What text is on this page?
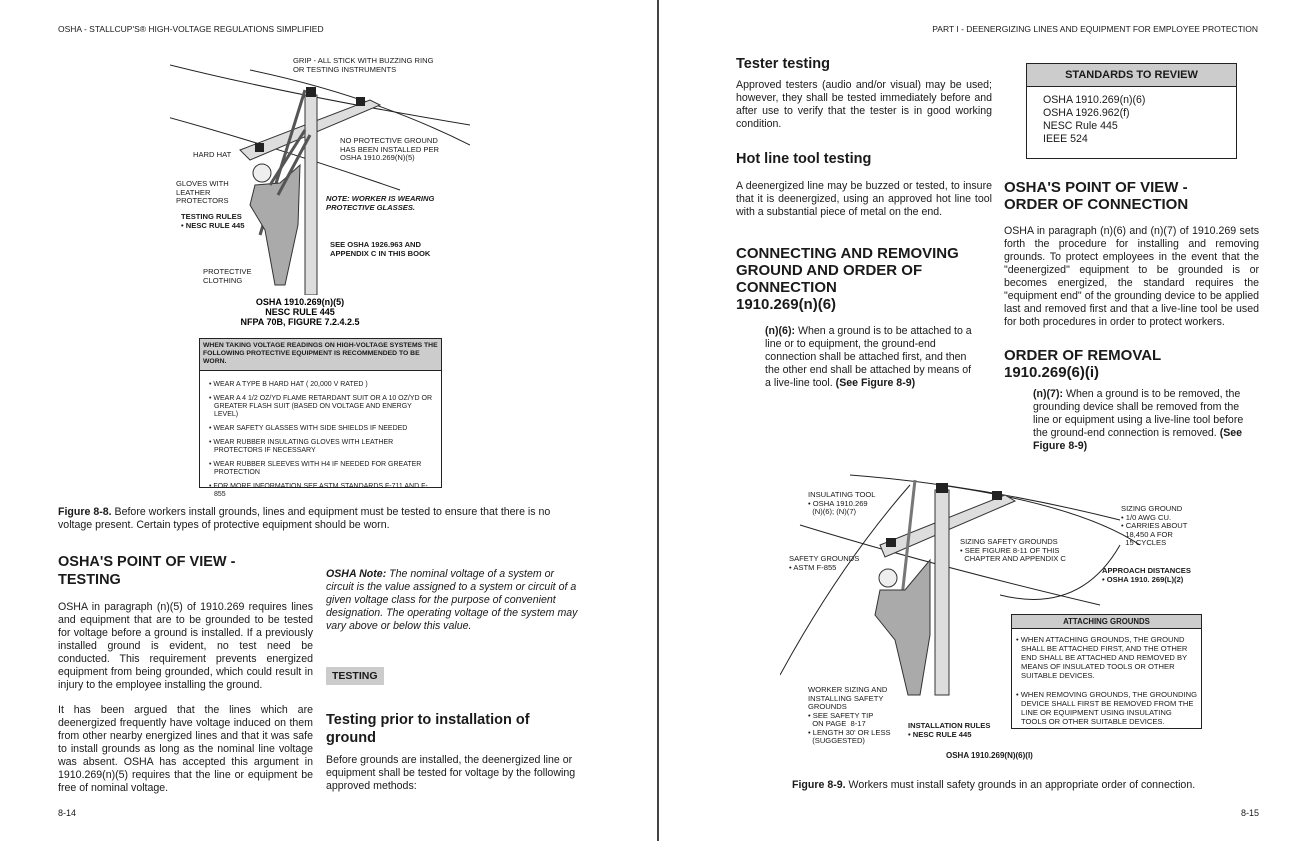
OSHA - STALLCUP'S® HIGH-VOLTAGE REGULATIONS SIMPLIFIED
GRIP - ALL STICK WITH BUZZING RING
OR TESTING INSTRUMENTS
NO PROTECTIVE GROUND
HAS BEEN INSTALLED PER
OSHA 1910.269(N)(5)
HARD HAT
GLOVES WITH
LEATHER
PROTECTORS	NOTE: WORKER IS WEARING
PROTECTIVE GLASSES.
TESTING RULES
• NESC RULE 445
SEE OSHA 1926.963 AND
APPENDIX C IN THIS BOOK
PROTECTIVE
CLOTHING
OSHA 1910.269(n)(5)
NESC RULE 445
NFPA 70B, FIGURE 7.2.4.2.5
WHEN TAKING VOLTAGE READINGS ON HIGH-VOLTAGE SYSTEMS THE FOLLOWING PROTECTIVE EQUIPMENT IS RECOMMENDED TO BE WORN.
• WEAR A TYPE B HARD HAT ( 20,000 V RATED )
• WEAR A 4 1/2 OZ/YD FLAME RETARDANT SUIT OR A 10 OZ/YD OR GREATER FLASH SUIT (BASED ON VOLTAGE AND ENERGY LEVEL)
• WEAR SAFETY GLASSES WITH SIDE SHIELDS IF NEEDED
• WEAR RUBBER INSULATING GLOVES WITH LEATHER PROTECTORS IF NECESSARY
• WEAR RUBBER SLEEVES WITH H4 IF NEEDED FOR GREATER PROTECTION
• FOR MORE INFORMATION SEE ASTM STANDARDS F-711 AND F-855
Figure 8-8. Before workers install grounds, lines and equipment must be tested to ensure that there is no voltage present. Certain types of protective equipment should be worn.
OSHA'S POINT OF VIEW - TESTING
OSHA in paragraph (n)(5) of 1910.269 requires lines and equipment that are to be grounded to be tested for voltage before a ground is installed. If a previously installed ground is evident, no test need be conducted. This requirement prevents energized equipment from being grounded, which could result in injury to the employee installing the ground.
It has been argued that the lines which are deenergized frequently have voltage induced on them from other nearby energized lines and that it was safe to install grounds as long as the nominal line voltage was absent. OSHA has accepted this argument in 1910.269(n)(5) requires that the line or equipment be free of nominal voltage.
OSHA Note: The nominal voltage of a system or circuit is the value assigned to a system or circuit of a given voltage class for the purpose of convenient designation. The operating voltage of the system may vary above or below this value.
TESTING
Testing prior to installation of ground
Before grounds are installed, the deenergized line or equipment shall be tested for voltage by the following approved methods:
8-14
PART I - DEENERGIZING LINES AND EQUIPMENT FOR EMPLOYEE PROTECTION
Tester testing
Approved testers (audio and/or visual) may be used; however, they shall be tested immediately before and after use to verify that the tester is in good working condition.
Hot line tool testing
A deenergized line may be buzzed or tested, to insure that it is deenergized, using an approved hot line tool with a substantial piece of metal on the end.
CONNECTING AND REMOVING GROUND AND ORDER OF CONNECTION
1910.269(n)(6)
(n)(6): When a ground is to be attached to a line or to equipment, the ground-end connection shall be attached first, and then the other end shall be attached by means of a live-line tool. (See Figure 8-9)
STANDARDS TO REVIEW
OSHA 1910.269(n)(6)
OSHA 1926.962(f)
NESC Rule 445
IEEE 524
OSHA'S POINT OF VIEW - ORDER OF CONNECTION
OSHA in paragraph (n)(6) and (n)(7) of 1910.269 sets forth the procedure for installing and removing grounds. To protect employees in the event that the "deenergized" equipment to be grounded is or becomes energized, the standard requires the "equipment end" of the grounding device to be applied last and removed first and that a live-line tool be used for both procedures in order to protect workers.
ORDER OF REMOVAL
1910.269(6)(i)
(n)(7): When a ground is to be removed, the grounding device shall be removed from the line or equipment using a live-line tool before the ground-end connection is removed. (See Figure 8-9)
INSULATING TOOL
• OSHA 1910.269
(N)(6); (N)(7)
SAFETY GROUNDS
• ASTM F-855
SIZING SAFETY GROUNDS
• SEE FIGURE 8-11 OF THIS
CHAPTER AND APPENDIX C
SIZING GROUND
• 1/0 AWG CU.
• CARRIES ABOUT
18,450 A FOR
15 CYCLES
APPROACH DISTANCES
• OSHA 1910. 269(L)(2)
WORKER SIZING AND
INSTALLING SAFETY
GROUNDS
• SEE SAFETY TIP
ON PAGE  8-17
• LENGTH 30' OR LESS
(SUGGESTED)
INSTALLATION RULES
• NESC RULE 445
OSHA 1910.269(N)(6)(I)
ATTACHING GROUNDS
• WHEN ATTACHING GROUNDS, THE GROUND SHALL BE ATTACHED FIRST, AND THE OTHER END SHALL BE ATTACHED AND REMOVED BY MEANS OF INSULATED TOOLS OR OTHER SUITABLE DEVICES.
• WHEN REMOVING GROUNDS, THE GROUNDING DEVICE SHALL FIRST BE REMOVED FROM THE LINE OR EQUIPMENT USING INSULATING TOOLS OR OTHER SUITABLE DEVICES.
Figure 8-9. Workers must install safety grounds in an appropriate order of connection.
8-15
